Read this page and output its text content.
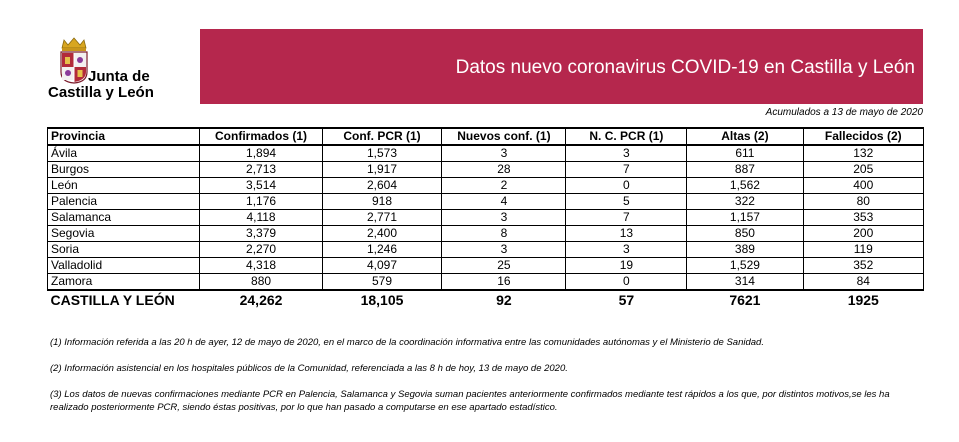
Junta de
Castilla y León
Datos nuevo coronavirus COVID-19 en Castilla y León
Acumulados a 13 de mayo de 2020
Provincia	Confirmados (1)	Conf. PCR (1)	Nuevos conf. (1)	N. C. PCR (1)	Altas (2)	Fallecidos (2)
Ávila	1,894	1,573	3	3	611	132
Burgos	2,713	1,917	28	7	887	205
León	3,514	2,604	2	0	1,562	400
Palencia	1,176	918	4	5	322	80
Salamanca	4,118	2,771	3	7	1,157	353
Segovia	3,379	2,400	8	13	850	200
Soria	2,270	1,246	3	3	389	119
Valladolid	4,318	4,097	25	19	1,529	352
Zamora	880	579	16	0	314	84
CASTILLA Y LEÓN	24,262	18,105	92	57	7621	1925
(1) Información referida a las 20 h de ayer, 12 de mayo de 2020, en el marco de la coordinación informativa entre las comunidades autónomas y el Ministerio de Sanidad.
(2) Información asistencial en los hospitales públicos de la Comunidad, referenciada a las 8 h de hoy, 13 de mayo de 2020.
(3) Los datos de nuevas confirmaciones mediante PCR en Palencia, Salamanca y Segovia suman pacientes anteriormente confirmados mediante test rápidos a los que, por distintos motivos,se les ha realizado posteriormente PCR, siendo éstas positivas, por lo que han pasado a computarse en ese apartado estadístico.
